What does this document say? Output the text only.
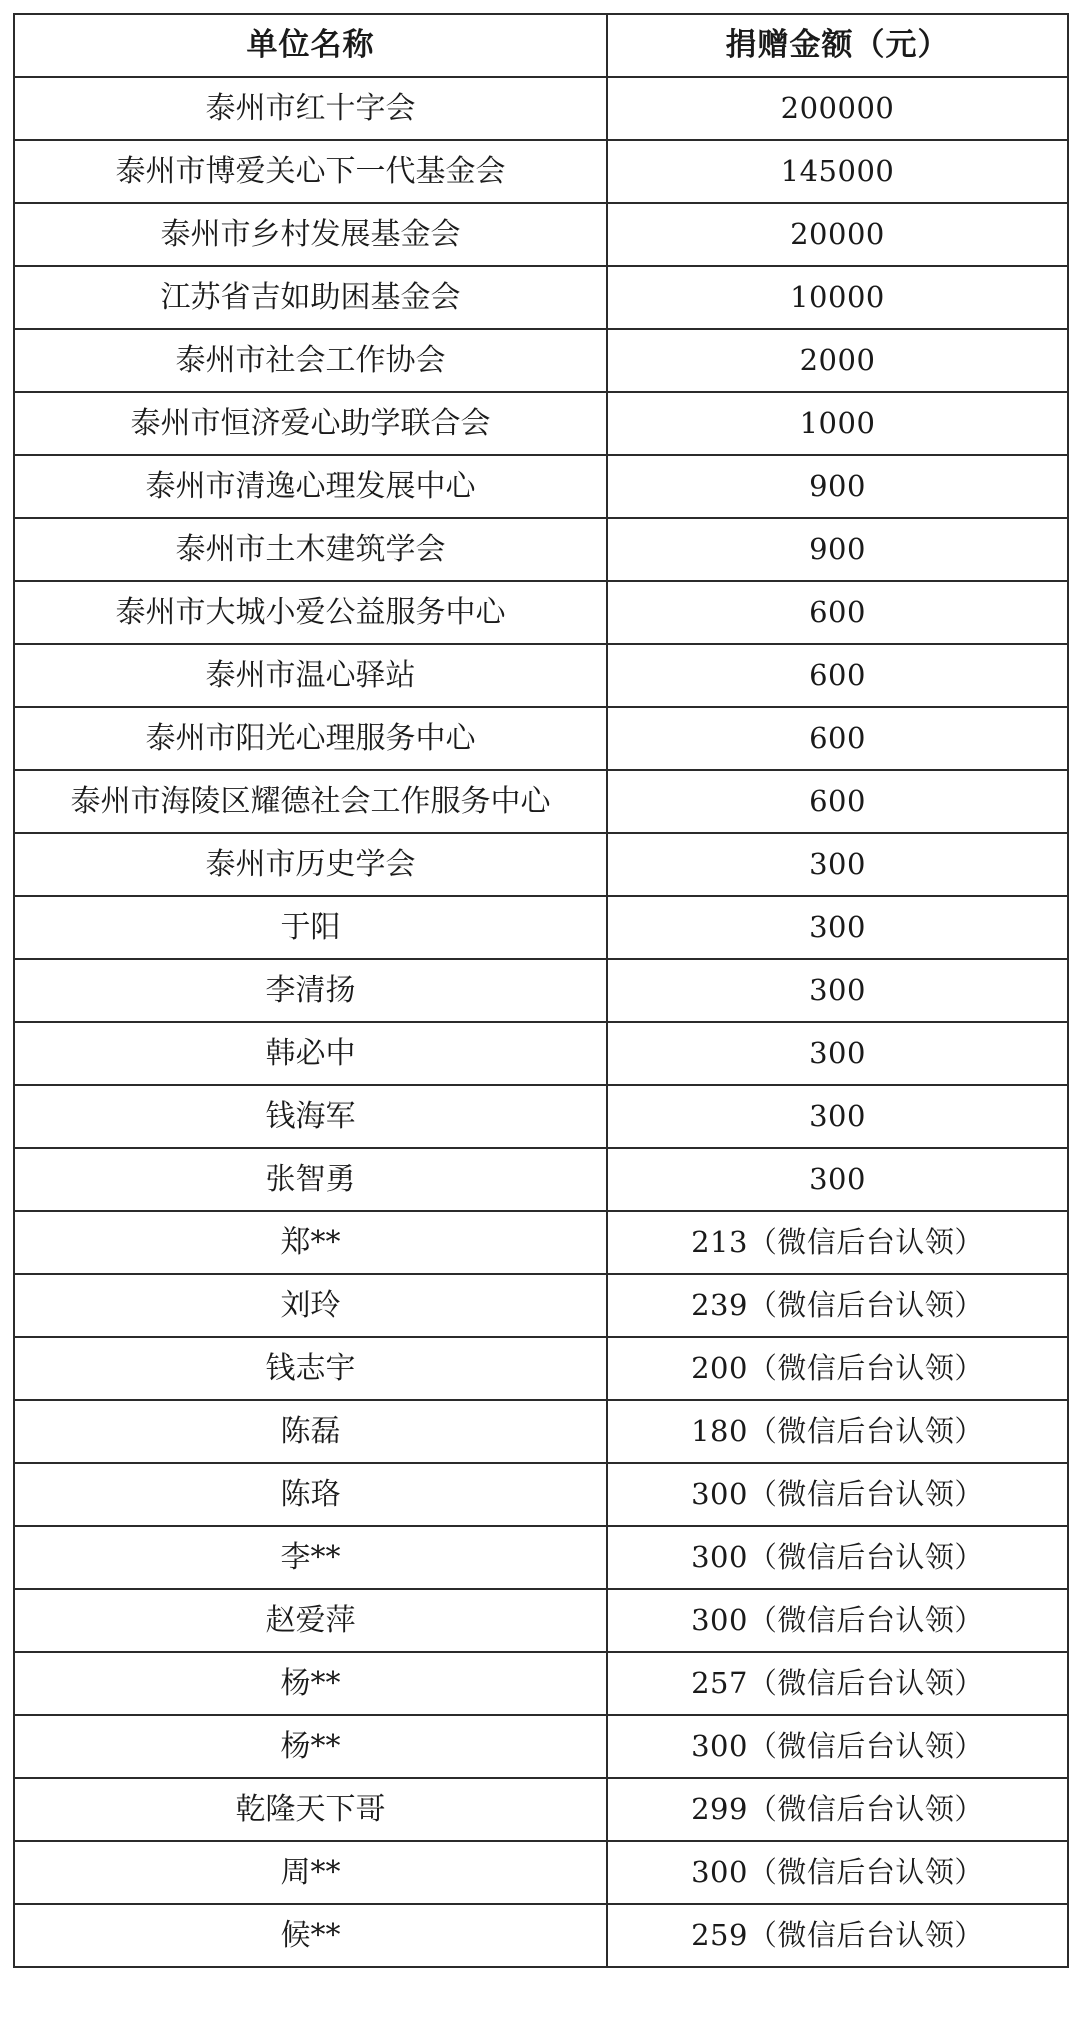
单位名称	捐赠金额（元）
泰州市红十字会	200000
泰州市博爱关心下一代基金会	145000
泰州市乡村发展基金会	20000
江苏省吉如助困基金会	10000
泰州市社会工作协会	2000
泰州市恒济爱心助学联合会	1000
泰州市清逸心理发展中心	900
泰州市土木建筑学会	900
泰州市大城小爱公益服务中心	600
泰州市温心驿站	600
泰州市阳光心理服务中心	600
泰州市海陵区耀德社会工作服务中心	600
泰州市历史学会	300
于阳	300
李清扬	300
韩必中	300
钱海军	300
张智勇	300
郑**	213（微信后台认领）
刘玲	239（微信后台认领）
钱志宇	200（微信后台认领）
陈磊	180（微信后台认领）
陈珞	300（微信后台认领）
李**	300（微信后台认领）
赵爱萍	300（微信后台认领）
杨**	257（微信后台认领）
杨**	300（微信后台认领）
乾隆天下哥	299（微信后台认领）
周**	300（微信后台认领）
候**	259（微信后台认领）
